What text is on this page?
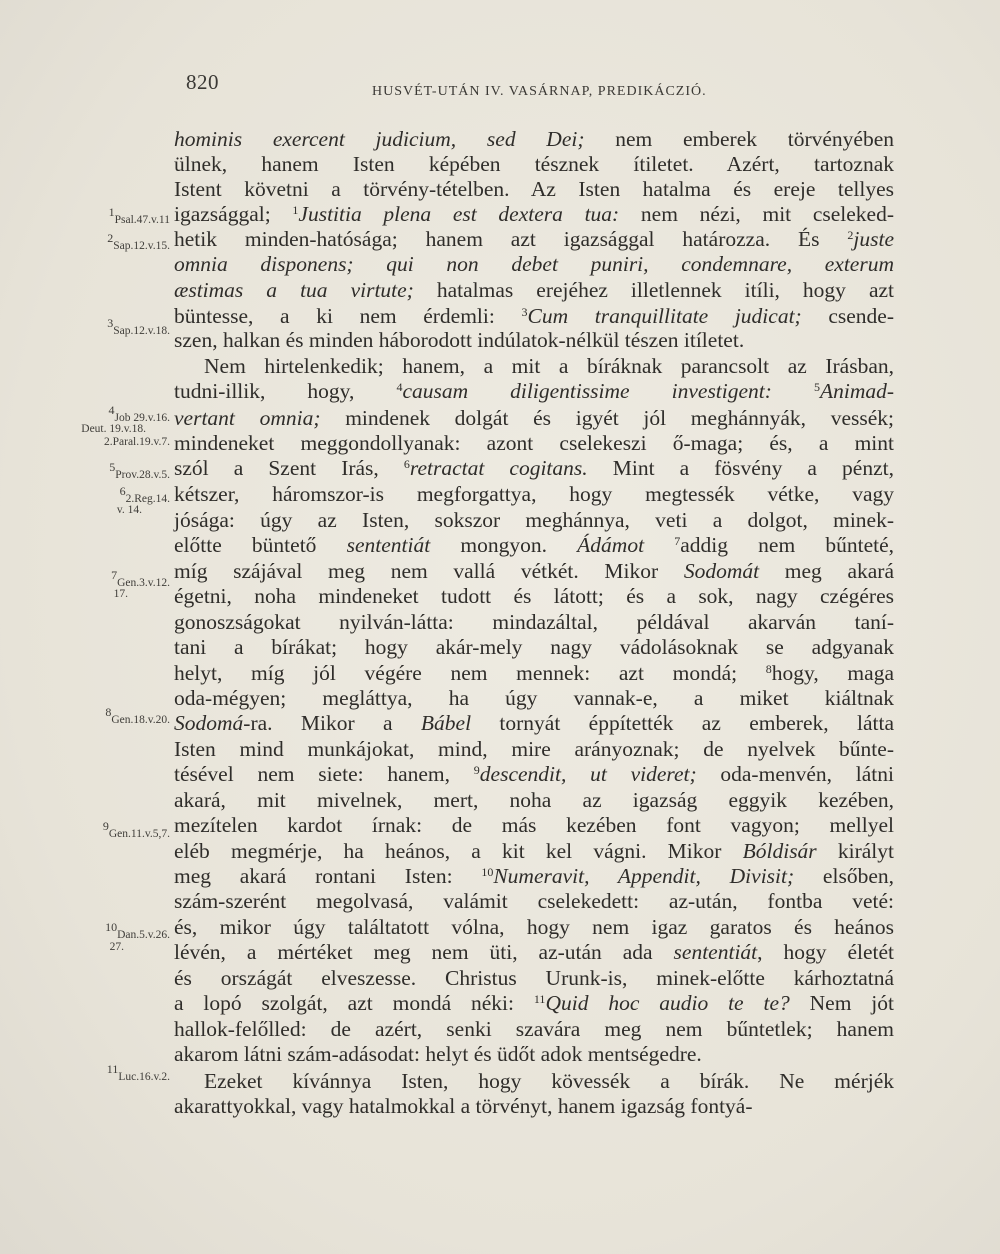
820	HUSVÉT-UTÁN IV. VASÁRNAP, PREDIKÁCZIÓ.
hominis exercent judicium, sed Dei; nem emberek törvényében
ülnek, hanem Isten képében tésznek ítiletet. Azért, tartoznak
Istent követni a törvény-tételben. Az Isten hatalma és ereje tellyes
igazsággal; $^1$Justitia plena est dextera tua: nem nézi, mit cseleked-
hetik minden-hatósága; hanem azt igazsággal határozza. És $^2$juste
omnia disponens; qui non debet puniri, condemnare, exterum
æstimas a tua virtute; hatalmas erejéhez illetlennek itíli, hogy azt
büntesse, a ki nem érdemli: $^3$Cum tranquillitate judicat; csende-
szen, halkan és minden háborodott indúlatok-nélkül tészen itíletet.
Nem hirtelenkedik; hanem, a mit a bíráknak parancsolt az Irásban,
tudni-illik, hogy, $^4$causam diligentissime investigent:	$^5$Animad-
vertant omnia; mindenek dolgát és igyét jól meghánnyák, vessék;
mindeneket meggondollyanak: azont cselekeszi ő-maga; és, a mint
szól a Szent Irás, $^6$retractat cogitans. Mint a fösvény a pénzt,
kétszer, háromszor-is megforgattya, hogy megtessék vétke, vagy
jósága: úgy az Isten, sokszor meghánnya, veti a dolgot, minek-
előtte büntető sententiát mongyon. Ádámot	$^7$addig nem bűnteté,
míg szájával meg nem vallá vétkét. Mikor Sodomát meg akará
égetni, noha mindeneket tudott és látott; és a sok, nagy czégéres
gonoszságokat nyilván-látta: mindazáltal, példával akarván taní-
tani a bírákat; hogy akár-mely nagy vádolásoknak se adgyanak
helyt, míg jól végére nem mennek: azt mondá; $^8$hogy, maga
oda-mégyen; megláttya, ha úgy vannak-e, a miket kiáltnak
Sodomá-ra. Mikor a Bábel tornyát éppítették az emberek, látta
Isten mind munkájokat, mind, mire arányoznak; de nyelvek bűnte-
tésével nem siete: hanem, $^9$descendit, ut videret; oda-menvén, látni
akará, mit mivelnek, mert, noha az igazság eggyik kezében,
mezítelen kardot írnak: de más kezében font vagyon; mellyel
eléb megmérje, ha heános, a kit kel vágni. Mikor Bóldisár királyt
meg akará rontani Isten: $^{10}$Numeravit, Appendit, Divisit; elsőben,
szám-szerént megolvasá, valámit cselekedett: az-után, fontba veté:
és, mikor úgy találtatott vólna, hogy nem igaz garatos és heános
lévén, a mértéket meg nem üti, az-után ada sententiát, hogy életét
és országát elveszesse. Christus Urunk-is, minek-előtte kárhoztatná
a lopó szolgát, azt mondá néki: $^{11}$Quid hoc audio te te? Nem jót
hallok-felőlled: de azért, senki szavára meg nem bűntetlek; hanem
akarom látni szám-adásodat: helyt és üdőt adok mentségedre.
Ezeket kívánnya Isten, hogy kövessék a bírák. Ne mérjék
akarattyokkal, vagy hatalmokkal a törvényt, hanem igazság fontyá-
$^1$Psal.47.v.11
$^2$Sap.12.v.15.
$^3$Sap.12.v.18.
$^4$Job 29.v.16.
Deut. 19.v.18.
2.Paral.19.v.7.
$^5$Prov.28.v.5.
$^6$2.Reg.14.
v. 14.
$^7$Gen.3.v.12.
17.
$^8$Gen.18.v.20.
$^9$Gen.11.v.5,7.
$^{10}$Dan.5.v.26.
27.
$^{11}$Luc.16.v.2.
